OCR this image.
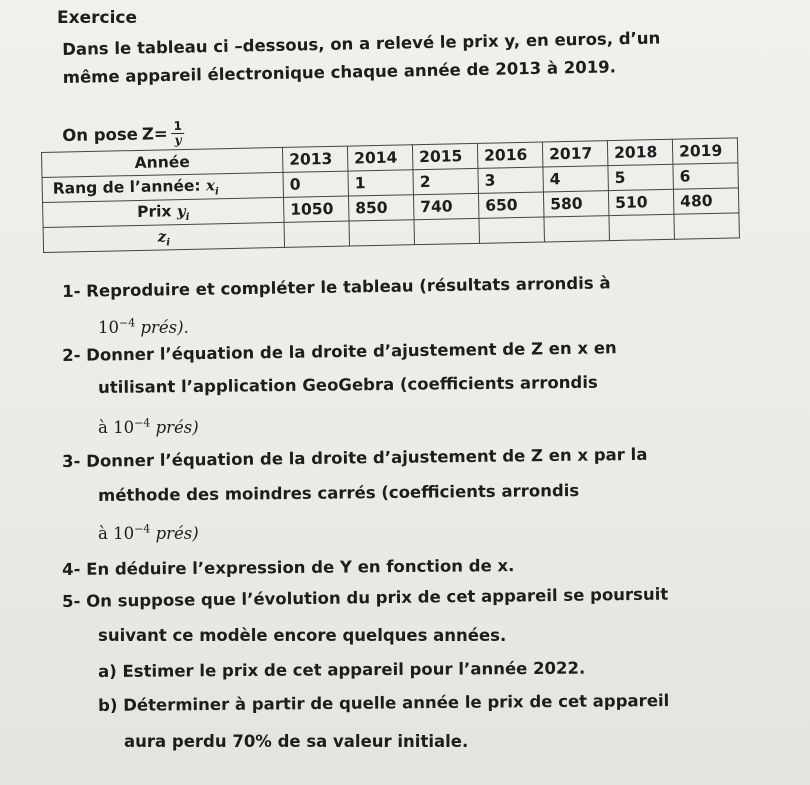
Exercice
Dans le tableau ci –dessous, on a relevé le prix y, en euros, d’un
même appareil électronique chaque année de 2013 à 2019.
On pose $Z= \frac{1}{y}$
Année	2013	2014	2015	2016	2017	2018	2019
Rang de l’année: $x_i$	0	1	2	3	4	5	6
Prix $y_i$	1050	850	740	650	580	510	480
$z_i$							
1- Reproduire et compléter le tableau (résultats arrondis à
$10^{-4}$ prés).
2- Donner l’équation de la droite d’ajustement de Z en x en
utilisant l’application GeoGebra (coefficients arrondis
à $10^{-4}$ prés)
3- Donner l’équation de la droite d’ajustement de Z en x par la
méthode des moindres carrés (coefficients arrondis
à $10^{-4}$ prés)
4- En déduire l’expression de Y en fonction de x.
5- On suppose que l’évolution du prix de cet appareil se poursuit
suivant ce modèle encore quelques années.
a) Estimer le prix de cet appareil pour l’année 2022.
b) Déterminer à partir de quelle année le prix de cet appareil
aura perdu 70% de sa valeur initiale.
